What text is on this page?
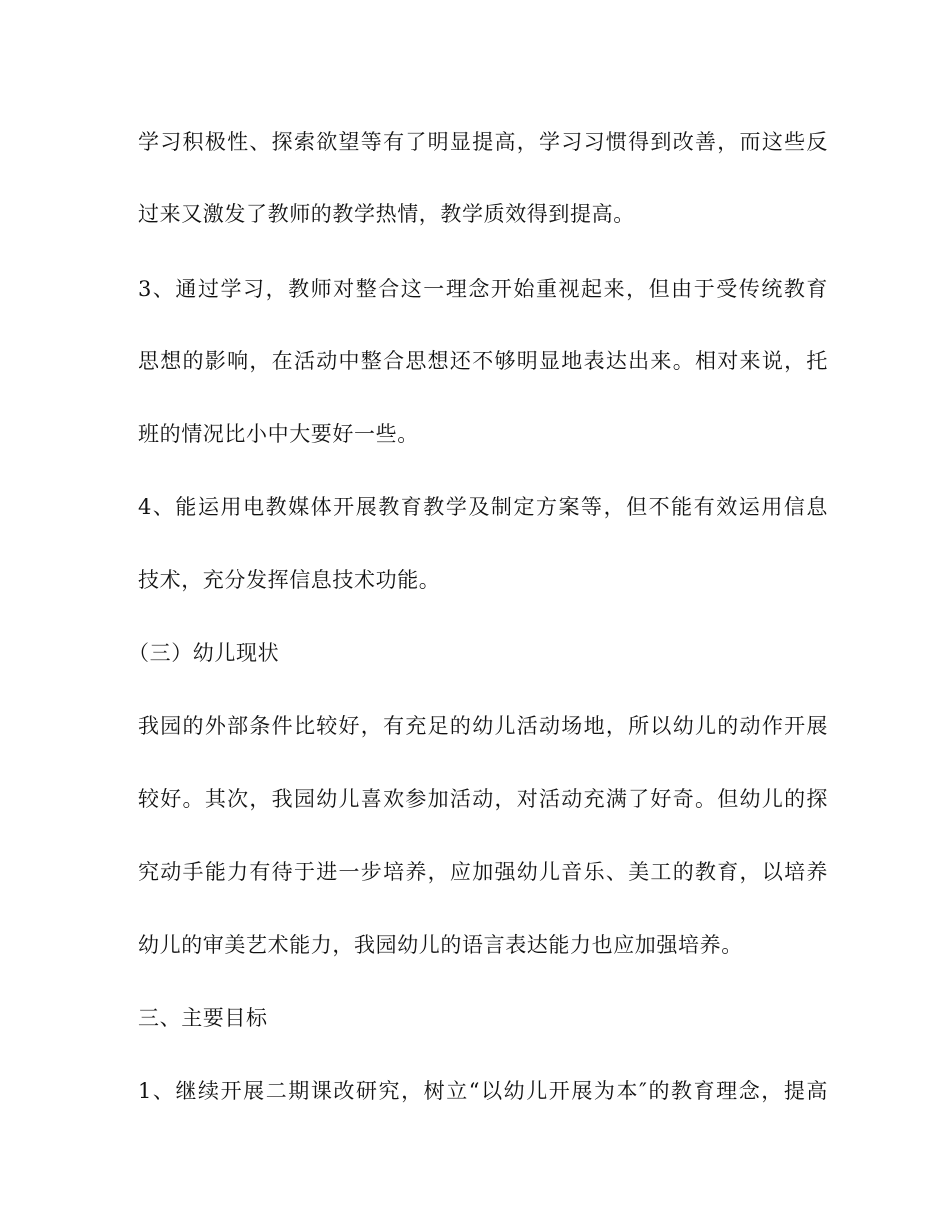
学习积极性、探索欲望等有了明显提高，学习习惯得到改善，而这些反
过来又激发了教师的教学热情，教学质效得到提高。
3、通过学习，教师对整合这一理念开始重视起来，但由于受传统教育
思想的影响，在活动中整合思想还不够明显地表达出来。相对来说，托
班的情况比小中大要好一些。
4、能运用电教媒体开展教育教学及制定方案等，但不能有效运用信息
技术，充分发挥信息技术功能。
（三）幼儿现状
我园的外部条件比较好，有充足的幼儿活动场地，所以幼儿的动作开展
较好。其次，我园幼儿喜欢参加活动，对活动充满了好奇。但幼儿的探
究动手能力有待于进一步培养，应加强幼儿音乐、美工的教育，以培养
幼儿的审美艺术能力，我园幼儿的语言表达能力也应加强培养。
三、主要目标
1、继续开展二期课改研究，树立“以幼儿开展为本″的教育理念，提高
